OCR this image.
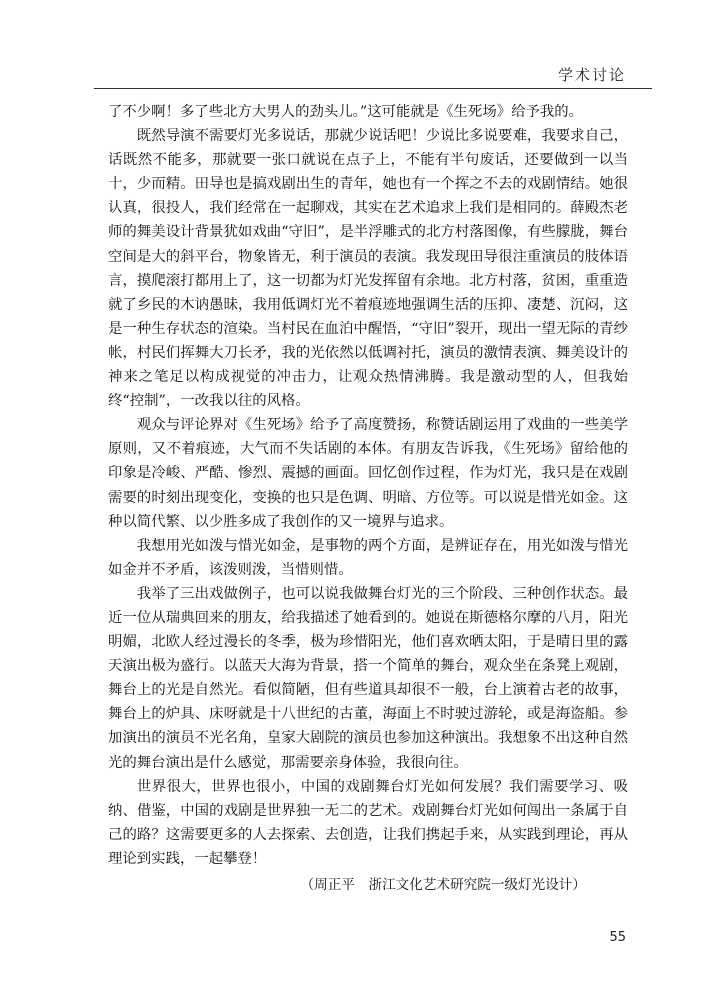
学术讨论

了不少啊！多了些北方大男人的劲头儿。”这可能就是《生死场》给予我的。

既然导演不需要灯光多说话，那就少说话吧！少说比多说要难，我要求自己，话既然不能多，那就要一张口就说在点子上，不能有半句废话，还要做到一以当十，少而精。田导也是搞戏剧出生的青年，她也有一个挥之不去的戏剧情结。她很认真，很投人，我们经常在一起聊戏，其实在艺术追求上我们是相同的。薛殿杰老师的舞美设计背景犹如戏曲“守旧”，是半浮雕式的北方村落图像，有些朦胧，舞台空间是大的斜平台，物象皆无，利于演员的表演。我发现田导很注重演员的肢体语言，摸爬滚打都用上了，这一切都为灯光发挥留有余地。北方村落，贫困，重重造就了乡民的木讷愚昧，我用低调灯光不着痕迹地强调生活的压抑、凄楚、沉闷，这是一种生存状态的渲染。当村民在血泊中醒悟，“守旧”裂开，现出一望无际的青纱帐，村民们挥舞大刀长矛，我的光依然以低调衬托，演员的激情表演、舞美设计的神来之笔足以构成视觉的冲击力，让观众热情沸腾。我是激动型的人，但我始终“控制”，一改我以往的风格。

观众与评论界对《生死场》给予了高度赞扬，称赞话剧运用了戏曲的一些美学原则，又不着痕迹，大气而不失话剧的本体。有朋友告诉我，《生死场》留给他的印象是冷峻、严酷、惨烈、震撼的画面。回忆创作过程，作为灯光，我只是在戏剧需要的时刻出现变化，变换的也只是色调、明暗、方位等。可以说是惜光如金。这种以简代繁、以少胜多成了我创作的又一境界与追求。

我想用光如泼与惜光如金，是事物的两个方面，是辨证存在，用光如泼与惜光如金并不矛盾，该泼则泼，当惜则惜。

我举了三出戏做例子，也可以说我做舞台灯光的三个阶段、三种创作状态。最近一位从瑞典回来的朋友，给我描述了她看到的。她说在斯德格尔摩的八月，阳光明媚，北欧人经过漫长的冬季，极为珍惜阳光，他们喜欢晒太阳，于是晴日里的露天演出极为盛行。以蓝天大海为背景，搭一个简单的舞台，观众坐在条凳上观剧，舞台上的光是自然光。看似简陋，但有些道具却很不一般，台上演着古老的故事，舞台上的炉具、床呀就是十八世纪的古董，海面上不时驶过游轮，或是海盗船。参加演出的演员不光名角，皇家大剧院的演员也参加这种演出。我想象不出这种自然光的舞台演出是什么感觉，那需要亲身体验，我很向往。

世界很大，世界也很小，中国的戏剧舞台灯光如何发展？我们需要学习、吸纳、借鉴，中国的戏剧是世界独一无二的艺术。戏剧舞台灯光如何闯出一条属于自己的路？这需要更多的人去探索、去创造，让我们携起手来，从实践到理论，再从理论到实践，一起攀登！

（周正平　浙江文化艺术研究院一级灯光设计）
55
